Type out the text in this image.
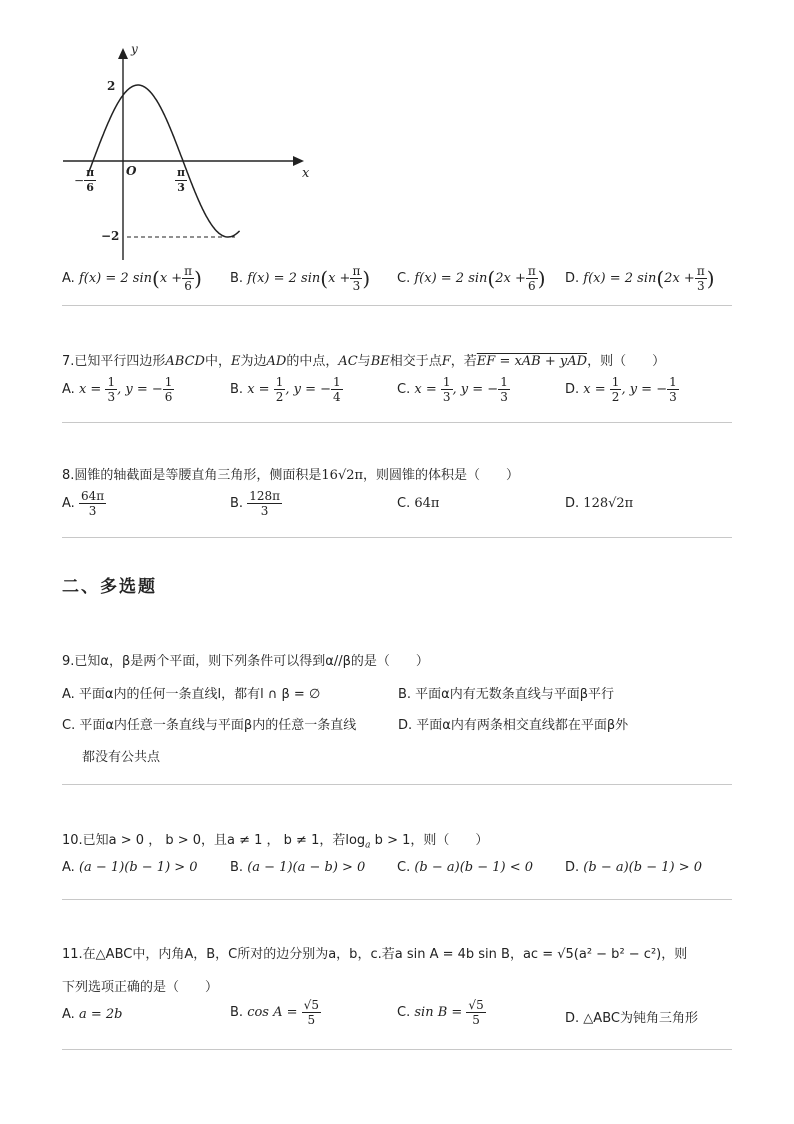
y
x
O
2
−2
− $\frac{\pi}{6}$	$\frac{\pi}{3}$
A. f(x) = 2 $\sin(x + \frac{\pi}{6}$ ) B. f(x) = 2 $\sin(x + \frac{\pi}{3}$ ) C. f(x) = 2 $\sin(2x + \frac{\pi}{6}$ ) D. f(x) = 2 $\sin(2x + \frac{\pi}{3}$ )
7.已知平行四边形ABCD中，E为边AD的中点，AC与BE相交于点F，若EF = xAB + yAD，则（　　）
A. $x = \frac{1}{3}$ , y = − $\frac{1}{6}$	B. $x = \frac{1}{2}$ , y = − $\frac{1}{4}$	C. $x = \frac{1}{3}$ , y = − $\frac{1}{3}$	D. $x = \frac{1}{2}$ , y = − $\frac{1}{3}$
8.圆锥的轴截面是等腰直角三角形，侧面积是16√2π，则圆锥的体积是（　　）
A. $\frac{64\pi}{3}$	B. $\frac{128\pi}{3}$	C. 64π	D. 128√2π
二、多选题
9.已知α，β是两个平面，则下列条件可以得到α//β的是（　　）
A. 平面α内的任何一条直线l，都有l ∩ β = ∅	B. 平面α内有无数条直线与平面β平行
C. 平面α内任意一条直线与平面β内的任意一条直线	D. 平面α内有两条相交直线都在平面β外
都没有公共点
10.已知a > 0 ， b > 0，且a ≠ 1 ， b ≠ 1，若$\log_a b > 1$，则（　　）
A. (a − 1)(b − 1) > 0 B. (a − 1)(a − b) > 0 C. (b − a)(b − 1) < 0 D. (b − a)(b − 1) > 0
11.在△ABC中，内角A，B，C所对的边分别为a，b，c.若a sin A = 4b sin B，ac = √5(a² − b² − c²)，则
下列选项正确的是（　　）
A. a = 2b	B. $\cos A = \frac{√5}{5}$	C. $\sin B = \frac{√5}{5}$	D. △ABC为钝角三角形
